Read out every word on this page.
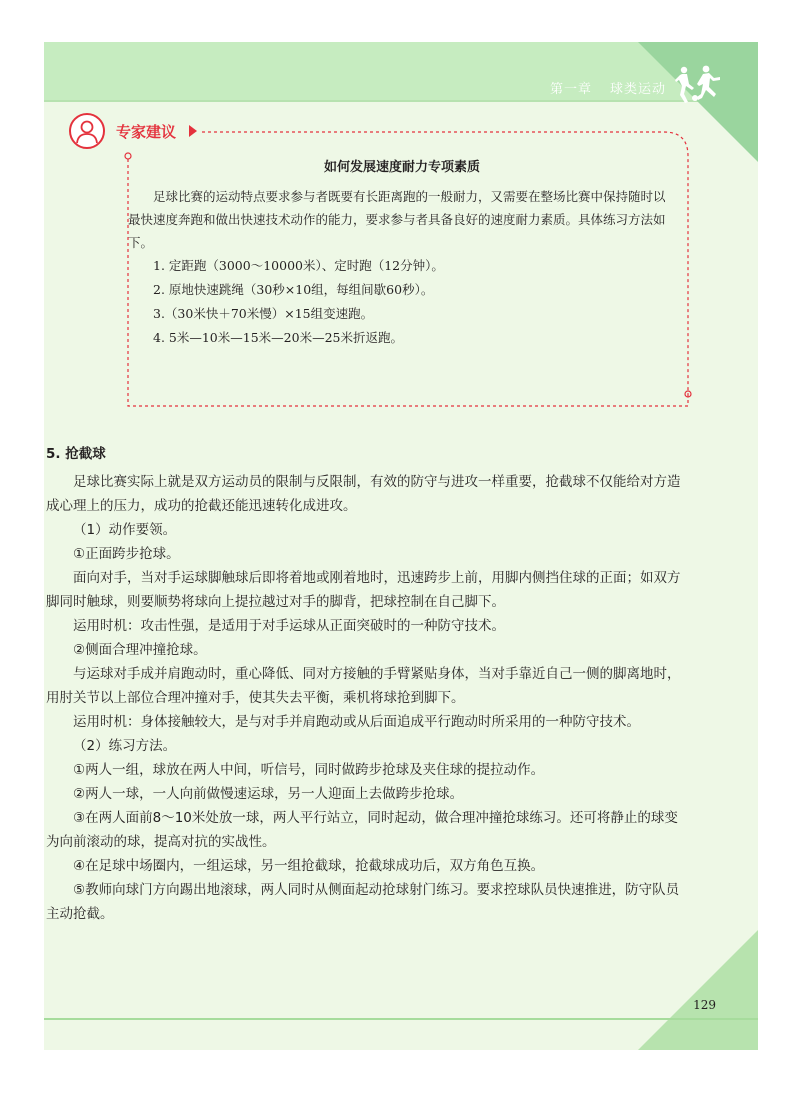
第一章 球类运动
129
专家建议
如何发展速度耐力专项素质

足球比赛的运动特点要求参与者既要有长距离跑的一般耐力，又需要在整场比赛中保持随时以最快速度奔跑和做出快速技术动作的能力，要求参与者具备良好的速度耐力素质。具体练习方法如下。

1. 定距跑（3000～10000米）、定时跑（12分钟）。
2. 原地快速跳绳（30秒×10组，每组间歇60秒）。
3.（30米快＋70米慢）×15组变速跑。
4. 5米—10米—15米—20米—25米折返跑。
5. 抢截球

足球比赛实际上就是双方运动员的限制与反限制，有效的防守与进攻一样重要，抢截球不仅能给对方造成心理上的压力，成功的抢截还能迅速转化成进攻。

（1）动作要领。

①正面跨步抢球。

面向对手，当对手运球脚触球后即将着地或刚着地时，迅速跨步上前，用脚内侧挡住球的正面；如双方脚同时触球，则要顺势将球向上提拉越过对手的脚背，把球控制在自己脚下。

运用时机：攻击性强，是适用于对手运球从正面突破时的一种防守技术。

②侧面合理冲撞抢球。

与运球对手成并肩跑动时，重心降低、同对方接触的手臂紧贴身体，当对手靠近自己一侧的脚离地时，用肘关节以上部位合理冲撞对手，使其失去平衡，乘机将球抢到脚下。

运用时机：身体接触较大，是与对手并肩跑动或从后面追成平行跑动时所采用的一种防守技术。

（2）练习方法。

①两人一组，球放在两人中间，听信号，同时做跨步抢球及夹住球的提拉动作。

②两人一球，一人向前做慢速运球，另一人迎面上去做跨步抢球。

③在两人面前8～10米处放一球，两人平行站立，同时起动，做合理冲撞抢球练习。还可将静止的球变为向前滚动的球，提高对抗的实战性。

④在足球中场圈内，一组运球，另一组抢截球，抢截球成功后，双方角色互换。

⑤教师向球门方向踢出地滚球，两人同时从侧面起动抢球射门练习。要求控球队员快速推进，防守队员主动抢截。
